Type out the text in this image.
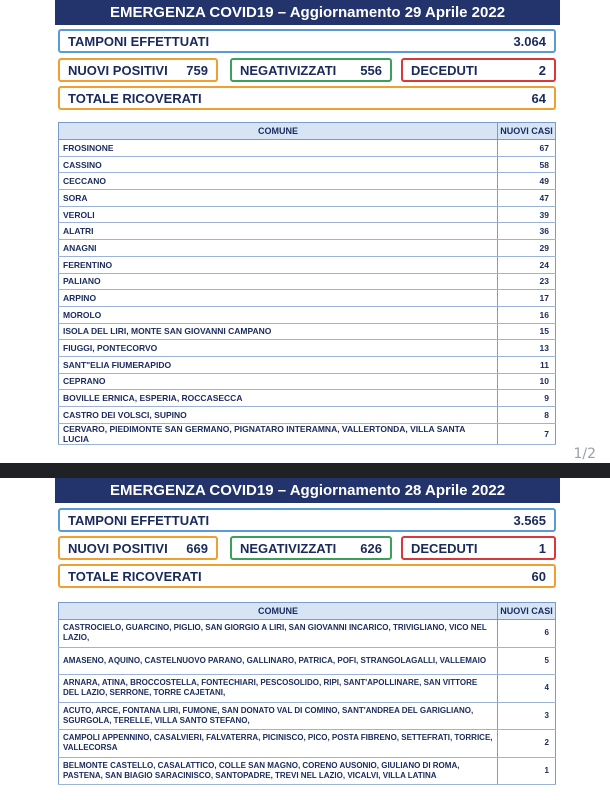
EMERGENZA COVID19 – Aggiornamento 29 Aprile 2022
TAMPONI EFFETTUATI	3.064
NUOVI POSITIVI	759 NEGATIVIZZATI	556 DECEDUTI	2
TOTALE RICOVERATI	64
COMUNE	NUOVI CASI
FROSINONE	67
CASSINO	58
CECCANO	49
SORA	47
VEROLI	39
ALATRI	36
ANAGNI	29
FERENTINO	24
PALIANO	23
ARPINO	17
MOROLO	16
ISOLA DEL LIRI, MONTE SAN GIOVANNI CAMPANO	15
FIUGGI, PONTECORVO	13
SANT"ELIA FIUMERAPIDO	11
CEPRANO	10
BOVILLE ERNICA, ESPERIA, ROCCASECCA	9
CASTRO DEI VOLSCI, SUPINO	8
CERVARO, PIEDIMONTE SAN GERMANO, PIGNATARO INTERAMNA, VALLERTONDA, VILLA SANTA LUCIA	7
1/2
EMERGENZA COVID19 – Aggiornamento 28 Aprile 2022
TAMPONI EFFETTUATI	3.565
NUOVI POSITIVI	669 NEGATIVIZZATI	626 DECEDUTI	1
TOTALE RICOVERATI	60
COMUNE	NUOVI CASI
CASTROCIELO, GUARCINO, PIGLIO, SAN GIORGIO A LIRI, SAN GIOVANNI INCARICO, TRIVIGLIANO, VICO NEL LAZIO,	6
AMASENO, AQUINO, CASTELNUOVO PARANO, GALLINARO, PATRICA, POFI, STRANGOLAGALLI, VALLEMAIO	5
ARNARA, ATINA, BROCCOSTELLA, FONTECHIARI, PESCOSOLIDO, RIPI, SANT'APOLLINARE, SAN VITTORE DEL LAZIO, SERRONE, TORRE CAJETANI,	4
ACUTO, ARCE, FONTANA LIRI, FUMONE, SAN DONATO VAL DI COMINO, SANT'ANDREA DEL GARIGLIANO, SGURGOLA, TERELLE, VILLA SANTO STEFANO,	3
CAMPOLI APPENNINO, CASALVIERI, FALVATERRA, PICINISCO, PICO, POSTA FIBRENO, SETTEFRATI, TORRICE, VALLECORSA	2
BELMONTE CASTELLO, CASALATTICO, COLLE SAN MAGNO, CORENO AUSONIO, GIULIANO DI ROMA, PASTENA, SAN BIAGIO SARACINISCO, SANTOPADRE, TREVI NEL LAZIO, VICALVI, VILLA LATINA	1
